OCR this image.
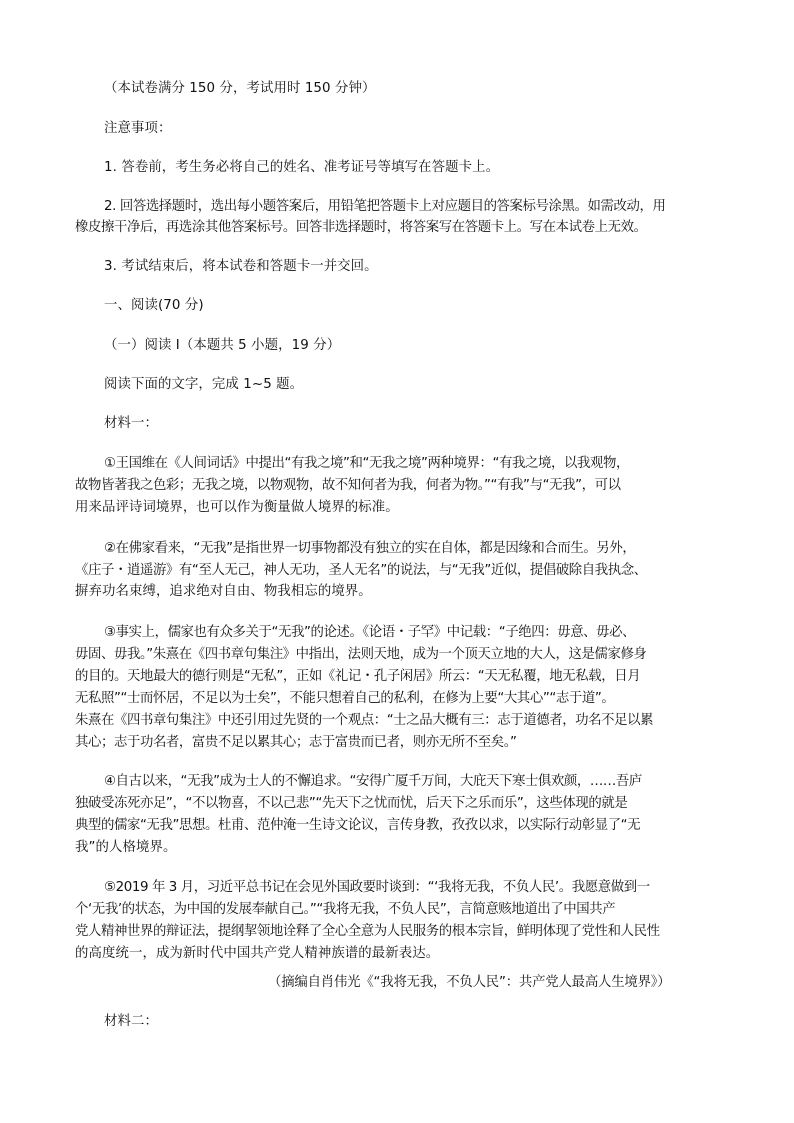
（本试卷满分 150 分，考试用时 150 分钟）
注意事项：
1. 答卷前，考生务必将自己的姓名、准考证号等填写在答题卡上。
2. 回答选择题时，选出每小题答案后，用铅笔把答题卡上对应题目的答案标号涂黑。如需改动，用
橡皮擦干净后，再选涂其他答案标号。回答非选择题时，将答案写在答题卡上。写在本试卷上无效。
3. 考试结束后，将本试卷和答题卡一并交回。
一、阅读(70 分)
（一）阅读 I（本题共 5 小题，19 分）
阅读下面的文字，完成 1~5 题。
材料一：
①王国维在《人间词话》中提出“有我之境”和“无我之境”两种境界：“有我之境，以我观物，
故物皆著我之色彩；无我之境，以物观物，故不知何者为我，何者为物。”“有我”与“无我”，可以
用来品评诗词境界，也可以作为衡量做人境界的标准。
②在佛家看来，“无我”是指世界一切事物都没有独立的实在自体，都是因缘和合而生。另外，
《庄子・逍遥游》有“至人无己，神人无功，圣人无名”的说法，与“无我”近似，提倡破除自我执念、
摒弃功名束缚，追求绝对自由、物我相忘的境界。
③事实上，儒家也有众多关于“无我”的论述。《论语・子罕》中记载：“子绝四：毋意、毋必、
毋固、毋我。”朱熹在《四书章句集注》中指出，法则天地，成为一个顶天立地的大人，这是儒家修身
的目的。天地最大的德行则是“无私”，正如《礼记・孔子闲居》所云：“天无私覆，地无私载，日月
无私照”“士而怀居，不足以为士矣”，不能只想着自己的私利，在修为上要“大其心”“志于道”。
朱熹在《四书章句集注》中还引用过先贤的一个观点：“士之品大概有三：志于道德者，功名不足以累
其心；志于功名者，富贵不足以累其心；志于富贵而已者，则亦无所不至矣。”
④自古以来，“无我”成为士人的不懈追求。“安得广厦千万间，大庇天下寒士俱欢颜，……吾庐
独破受冻死亦足”，“不以物喜，不以己悲”“先天下之忧而忧，后天下之乐而乐”，这些体现的就是
典型的儒家“无我”思想。杜甫、范仲淹一生诗文论议，言传身教，孜孜以求，以实际行动彰显了“无
我”的人格境界。
⑤2019 年 3 月，习近平总书记在会见外国政要时谈到：“‘我将无我，不负人民’。我愿意做到一
个‘无我’的状态，为中国的发展奉献自己。”“我将无我，不负人民”，言简意赅地道出了中国共产
党人精神世界的辩证法，提纲挈领地诠释了全心全意为人民服务的根本宗旨，鲜明体现了党性和人民性
的高度统一，成为新时代中国共产党人精神族谱的最新表达。
（摘编自肖伟光《“我将无我，不负人民”：共产党人最高人生境界》）
材料二：
